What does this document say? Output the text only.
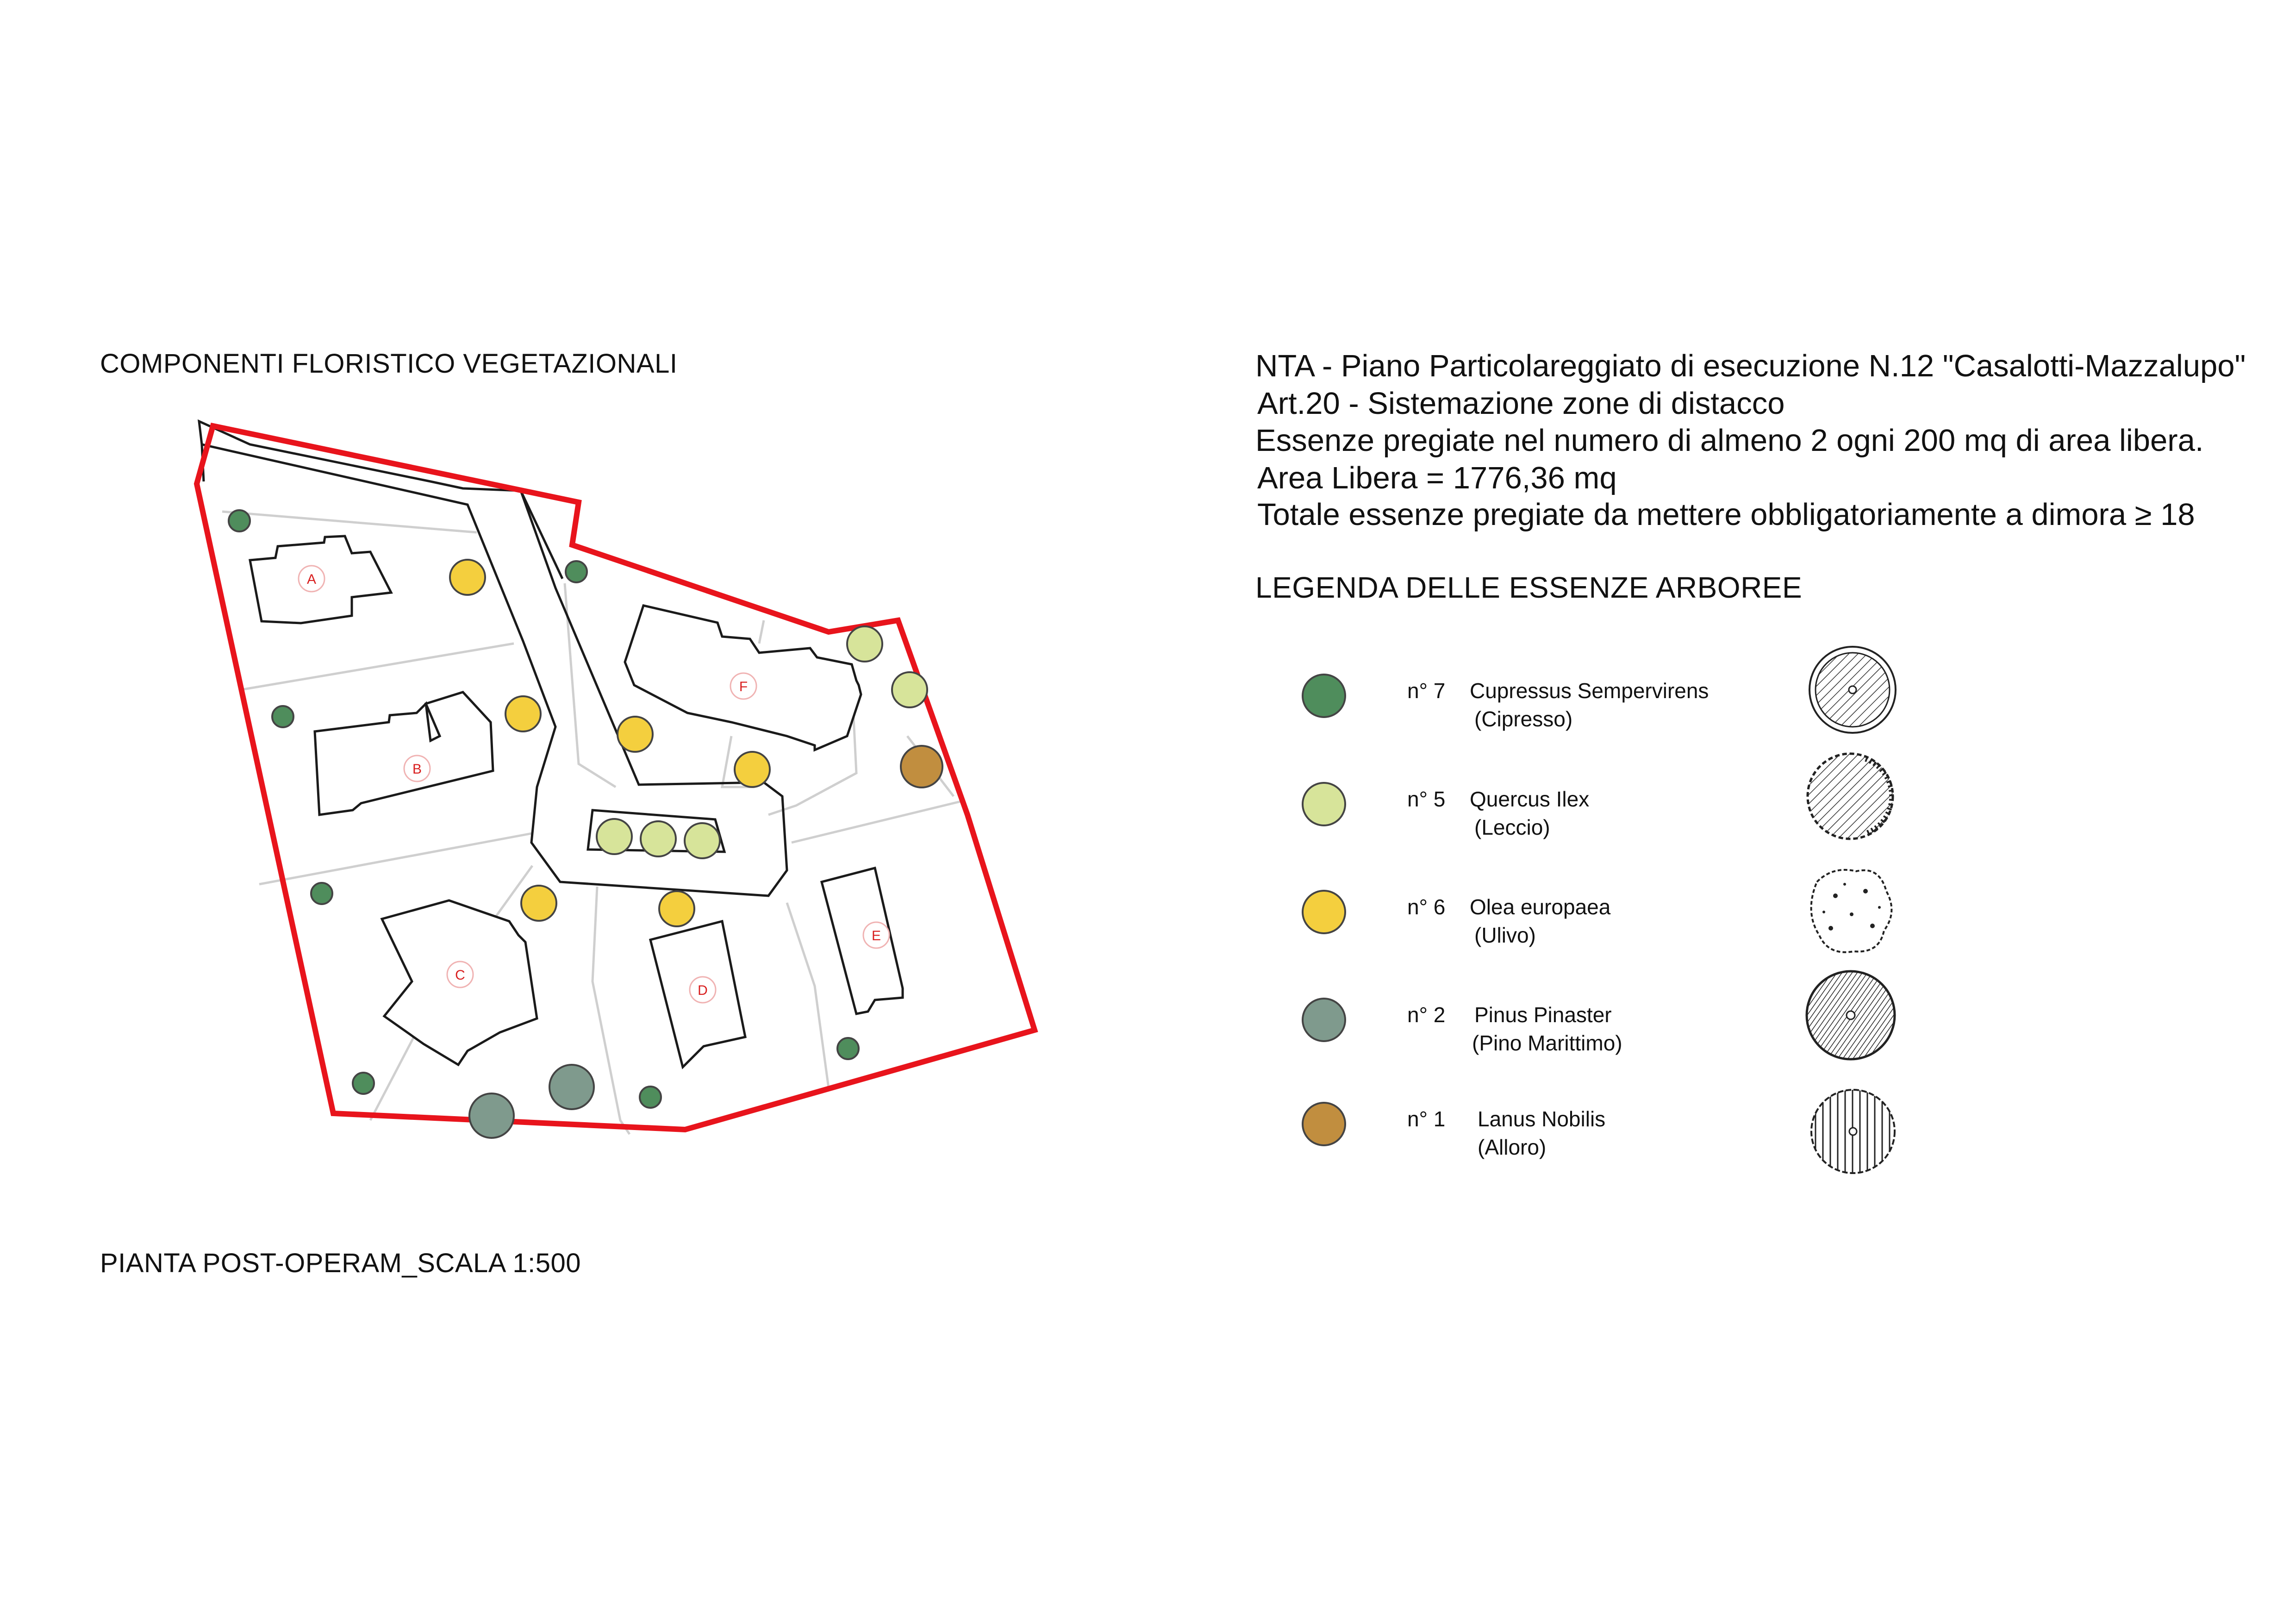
A
B
C
D
E
F
COMPONENTI FLORISTICO VEGETAZIONALI
PIANTA POST-OPERAM_SCALA 1:500
NTA - Piano Particolareggiato di esecuzione N.12 "Casalotti-Mazzalupo"
Art.20 - Sistemazione zone di distacco
Essenze pregiate nel numero di almeno 2 ogni 200 mq di area libera.
Area Libera = 1776,36 mq
Totale essenze pregiate da mettere obbligatoriamente a dimora ≥ 18
LEGENDA DELLE ESSENZE ARBOREE
n° 7 Cupressus Sempervirens
(Cipresso)
n° 5 Quercus Ilex
(Leccio)
n° 6 Olea europaea
(Ulivo)
n° 2 Pinus Pinaster
(Pino Marittimo)
n° 1 Lanus Nobilis
(Alloro)
